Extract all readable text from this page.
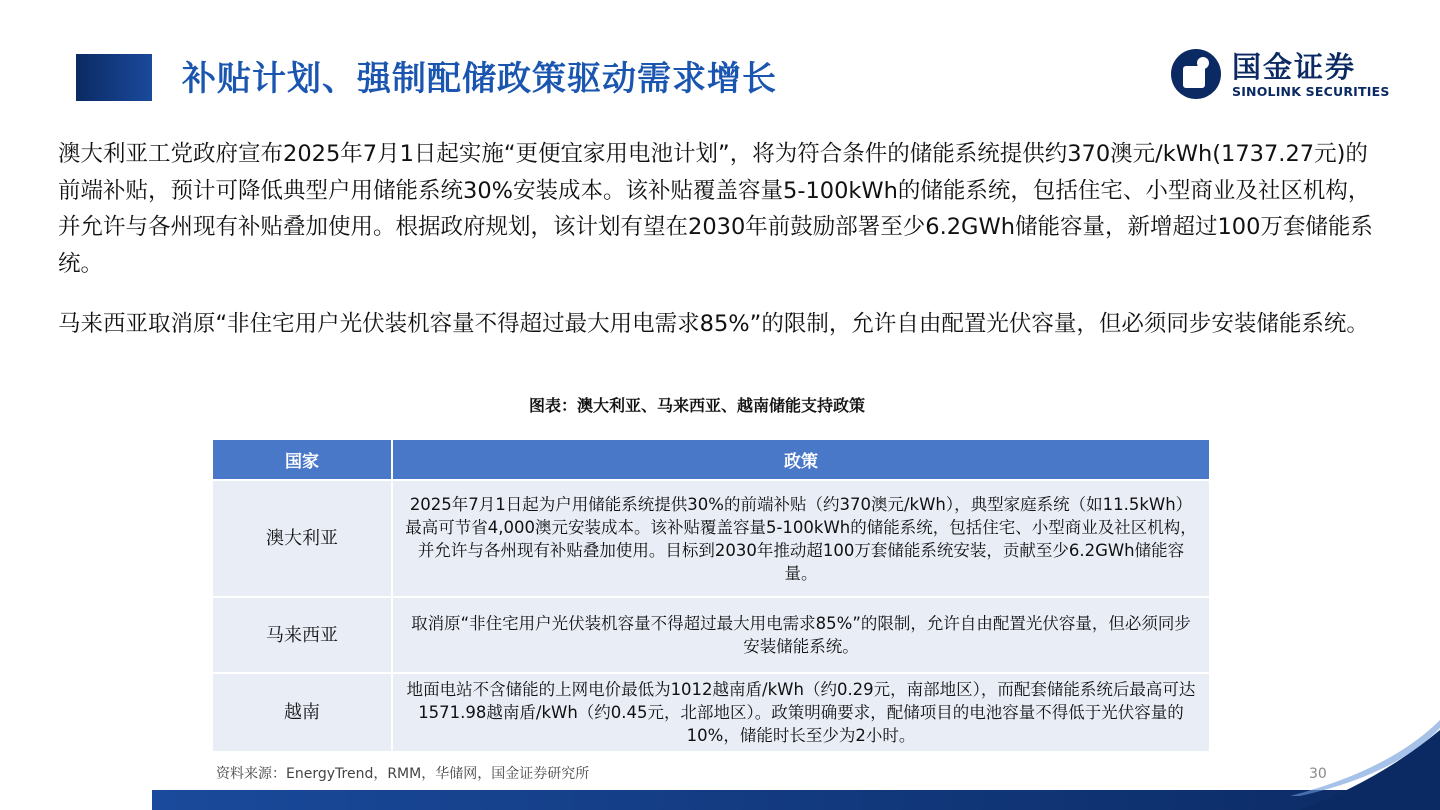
补贴计划、强制配储政策驱动需求增长	国金证券
SINOLINK SECURITIES
澳大利亚工党政府宣布2025年7月1日起实施“更便宜家用电池计划”，将为符合条件的储能系统提供约370澳元/kWh(1737.27元)的前端补贴，预计可降低典型户用储能系统30%安装成本。该补贴覆盖容量5-100kWh的储能系统，包括住宅、小型商业及社区机构，并允许与各州现有补贴叠加使用。根据政府规划，该计划有望在2030年前鼓励部署至少6.2GWh储能容量，新增超过100万套储能系统。
马来西亚取消原“非住宅用户光伏装机容量不得超过最大用电需求85%”的限制，允许自由配置光伏容量，但必须同步安装储能系统。
图表：澳大利亚、马来西亚、越南储能支持政策
国家	政策
澳大利亚	2025年7月1日起为户用储能系统提供30%的前端补贴（约370澳元/kWh），典型家庭系统（如11.5kWh）最高可节省4,000澳元安装成本。该补贴覆盖容量5-100kWh的储能系统，包括住宅、小型商业及社区机构，并允许与各州现有补贴叠加使用。目标到2030年推动超100万套储能系统安装，贡献至少6.2GWh储能容量。
马来西亚	取消原“非住宅用户光伏装机容量不得超过最大用电需求85%”的限制，允许自由配置光伏容量，但必须同步安装储能系统。
越南	地面电站不含储能的上网电价最低为1012越南盾/kWh（约0.29元，南部地区），而配套储能系统后最高可达1571.98越南盾/kWh（约0.45元，北部地区）。政策明确要求，配储项目的电池容量不得低于光伏容量的10%，储能时长至少为2小时。
资料来源：EnergyTrend，RMM，华储网，国金证券研究所	30
